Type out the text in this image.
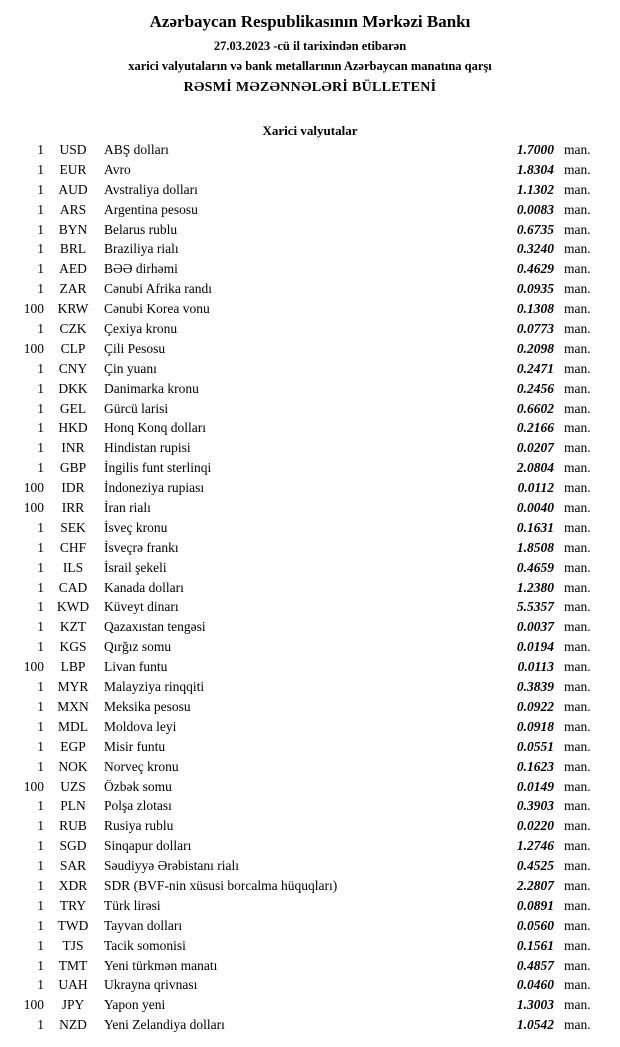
Azərbaycan Respublikasının Mərkəzi Bankı
27.03.2023 -cü il tarixindən etibarən
xarici valyutaların və bank metallarının Azərbaycan manatına qarşı
RƏSMİ MƏZƏNNƏLƏRİ BÜLLETENİ
Xarici valyutalar
1	USD	ABŞ dolları	1.7000 man.
1	EUR	Avro	1.8304 man.
1	AUD	Avstraliya dolları	1.1302 man.
1	ARS	Argentina pesosu	0.0083 man.
1	BYN	Belarus rublu	0.6735 man.
1	BRL	Braziliya rialı	0.3240 man.
1	AED	BƏƏ dirhəmi	0.4629 man.
1	ZAR	Cənubi Afrika randı	0.0935 man.
100	KRW	Cənubi Korea vonu	0.1308 man.
1	CZK	Çexiya kronu	0.0773 man.
100	CLP	Çili Pesosu	0.2098 man.
1	CNY	Çin yuanı	0.2471 man.
1	DKK	Danimarka kronu	0.2456 man.
1	GEL	Gürcü larisi	0.6602 man.
1	HKD	Honq Konq dolları	0.2166 man.
1	INR	Hindistan rupisi	0.0207 man.
1	GBP	İngilis funt sterlinqi	2.0804 man.
100	IDR	İndoneziya rupiası	0.0112 man.
100	IRR	İran rialı	0.0040 man.
1	SEK	İsveç kronu	0.1631 man.
1	CHF	İsveçrə frankı	1.8508 man.
1	ILS	İsrail şekeli	0.4659 man.
1	CAD	Kanada dolları	1.2380 man.
1 KWD	Küveyt dinarı	5.5357 man.
1	KZT	Qazaxıstan tengəsi	0.0037 man.
1	KGS	Qırğız somu	0.0194 man.
100	LBP	Livan funtu	0.0113 man.
1	MYR	Malayziya rinqqiti	0.3839 man.
1 MXN	Meksika pesosu	0.0922 man.
1	MDL	Moldova leyi	0.0918 man.
1	EGP	Misir funtu	0.0551 man.
1	NOK	Norveç kronu	0.1623 man.
100	UZS	Özbək somu	0.0149 man.
1	PLN	Polşa zlotası	0.3903 man.
1	RUB	Rusiya rublu	0.0220 man.
1	SGD	Sinqapur dolları	1.2746 man.
1	SAR	Səudiyyə Ərəbistanı rialı	0.4525 man.
1	XDR	SDR (BVF-nin xüsusi borcalma hüquqları)	2.2807 man.
1	TRY	Türk lirəsi	0.0891 man.
1	TWD	Tayvan dolları	0.0560 man.
1	TJS	Tacik somonisi	0.1561 man.
1	TMT	Yeni türkmən manatı	0.4857 man.
1	UAH	Ukrayna qrivnası	0.0460 man.
100	JPY	Yapon yeni	1.3003 man.
1	NZD	Yeni Zelandiya dolları	1.0542 man.
